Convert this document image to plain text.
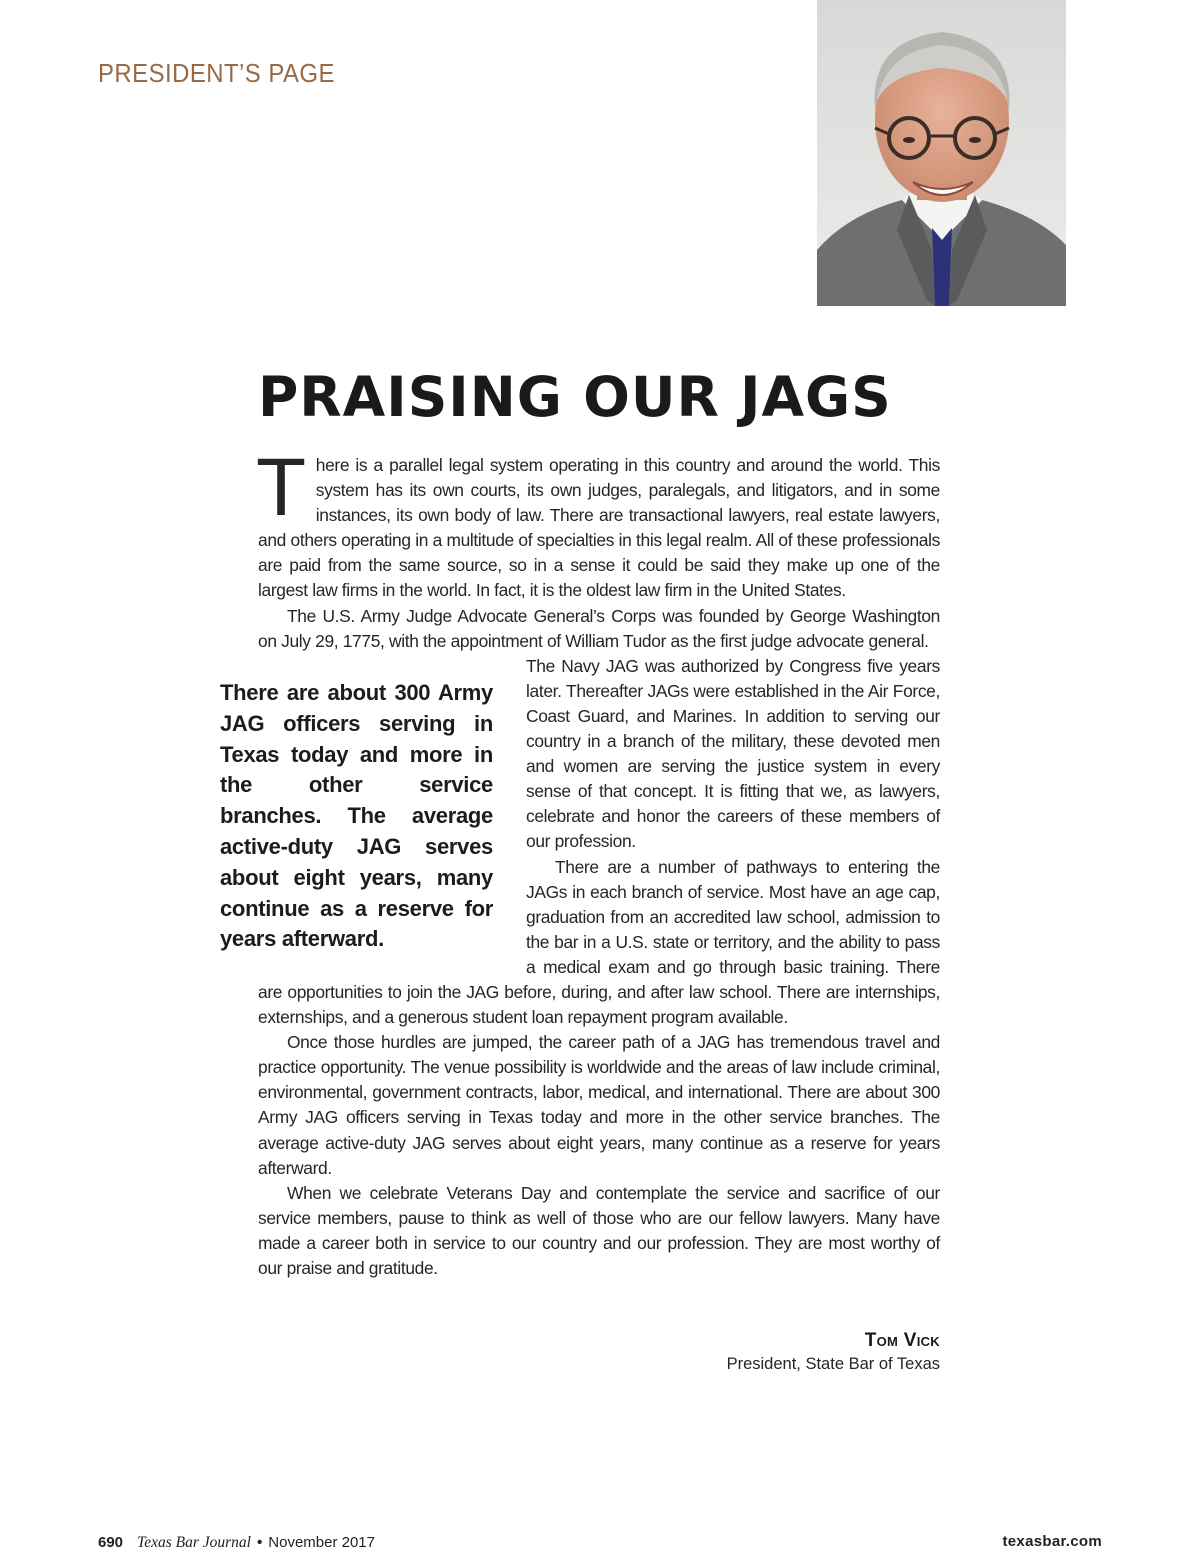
PRESIDENT’S PAGE
PRAISING OUR JAGS

There is a parallel legal system operating in this country and around the world. This system has its own courts, its own judges, paralegals, and litigators, and in some instances, its own body of law. There are transactional lawyers, real estate lawyers, and others operating in a multitude of specialties in this legal realm. All of these professionals are paid from the same source, so in a sense it could be said they make up one of the largest law firms in the world. In fact, it is the oldest law firm in the United States.

The U.S. Army Judge Advocate General’s Corps was founded by George Washington on July 29, 1775, with the appointment of William Tudor as the first judge advocate general.

The Navy JAG was authorized by Congress five years later. Thereafter JAGs were established in the Air Force, Coast Guard, and Marines. In addition to serving our country in a branch of the military, these devoted men and women are serving the justice system in every sense of that concept. It is fitting that we, as lawyers, celebrate and honor the careers of these members of our profession.

There are a number of pathways to entering the JAGs in each branch of service. Most have an age cap, graduation from an accredited law school, admission to the bar in a U.S. state or territory, and the ability to pass a medical exam and go through basic training. There are opportunities to join the JAG before, during, and after law school. There are internships, externships, and a generous student loan repayment program available.

Once those hurdles are jumped, the career path of a JAG has tremendous travel and practice opportunity. The venue possibility is worldwide and the areas of law include criminal, environmental, government contracts, labor, medical, and international. There are about 300 Army JAG officers serving in Texas today and more in the other service branches. The average active-duty JAG serves about eight years, many continue as a reserve for years afterward.

When we celebrate Veterans Day and contemplate the service and sacrifice of our service members, pause to think as well of those who are our fellow lawyers. Many have made a career both in service to our country and our profession. They are most worthy of our praise and gratitude.

There are about 300 Army JAG officers serving in Texas today and more in the other service branches. The average active-duty JAG serves about eight years, many continue as a reserve for years afterward.
Tom Vick
President, State Bar of Texas
690 Texas Bar Journal • November 2017	texasbar.com
